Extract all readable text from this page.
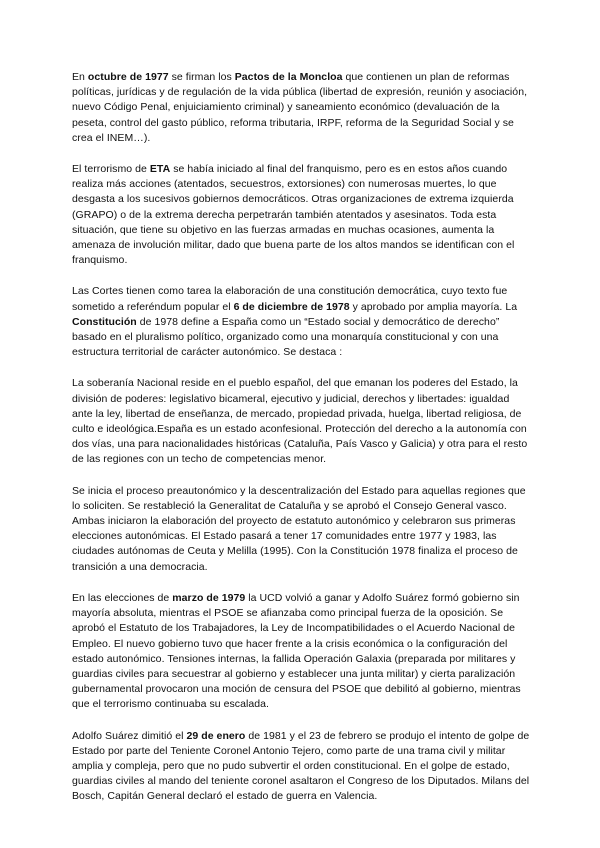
En octubre de 1977 se firman los Pactos de la Moncloa que contienen un plan de reformas políticas, jurídicas y de regulación de la vida pública (libertad de expresión, reunión y asociación, nuevo Código Penal, enjuiciamiento criminal) y saneamiento económico (devaluación de la peseta, control del gasto público, reforma tributaria, IRPF, reforma de la Seguridad Social y se crea el INEM…).

El terrorismo de ETA se había iniciado al final del franquismo, pero es en estos años cuando realiza más acciones (atentados, secuestros, extorsiones) con numerosas muertes, lo que desgasta a los sucesivos gobiernos democráticos. Otras organizaciones de extrema izquierda (GRAPO) o de la extrema derecha perpetrarán también atentados y asesinatos. Toda esta situación, que tiene su objetivo en las fuerzas armadas en muchas ocasiones, aumenta la amenaza de involución militar, dado que buena parte de los altos mandos se identifican con el franquismo.

Las Cortes tienen como tarea la elaboración de una constitución democrática, cuyo texto fue sometido a referéndum popular el 6 de diciembre de 1978 y aprobado por amplia mayoría. La Constitución de 1978 define a España como un “Estado social y democrático de derecho” basado en el pluralismo político, organizado como una monarquía constitucional y con una estructura territorial de carácter autonómico. Se destaca :

La soberanía Nacional reside en el pueblo español, del que emanan los poderes del Estado, la división de poderes: legislativo bicameral, ejecutivo y judicial, derechos y libertades: igualdad ante la ley, libertad de enseñanza, de mercado, propiedad privada, huelga, libertad religiosa, de culto e ideológica.España es un estado aconfesional. Protección del derecho a la autonomía con dos vías, una para nacionalidades históricas (Cataluña, País Vasco y Galicia) y otra para el resto de las regiones con un techo de competencias menor.

Se inicia el proceso preautonómico y la descentralización del Estado para aquellas regiones que lo soliciten. Se restableció la Generalitat de Cataluña y se aprobó el Consejo General vasco. Ambas iniciaron la elaboración del proyecto de estatuto autonómico y celebraron sus primeras elecciones autonómicas. El Estado pasará a tener 17 comunidades entre 1977 y 1983, las ciudades autónomas de Ceuta y Melilla (1995). Con la Constitución 1978 finaliza el proceso de transición a una democracia.

En las elecciones de marzo de 1979 la UCD volvió a ganar y Adolfo Suárez formó gobierno sin mayoría absoluta, mientras el PSOE se afianzaba como principal fuerza de la oposición. Se aprobó el Estatuto de los Trabajadores, la Ley de Incompatibilidades o el Acuerdo Nacional de Empleo. El nuevo gobierno tuvo que hacer frente a la crisis económica o la configuración del estado autonómico. Tensiones internas, la fallida Operación Galaxia (preparada por militares y guardias civiles para secuestrar al gobierno y establecer una junta militar) y cierta paralización gubernamental provocaron una moción de censura del PSOE que debilitó al gobierno, mientras que el terrorismo continuaba su escalada.

Adolfo Suárez dimitió el 29 de enero de 1981 y el 23 de febrero se produjo el intento de golpe de Estado por parte del Teniente Coronel Antonio Tejero, como parte de una trama civil y militar amplia y compleja, pero que no pudo subvertir el orden constitucional. En el golpe de estado, guardias civiles al mando del teniente coronel asaltaron el Congreso de los Diputados. Milans del Bosch, Capitán General declaró el estado de guerra en Valencia.
